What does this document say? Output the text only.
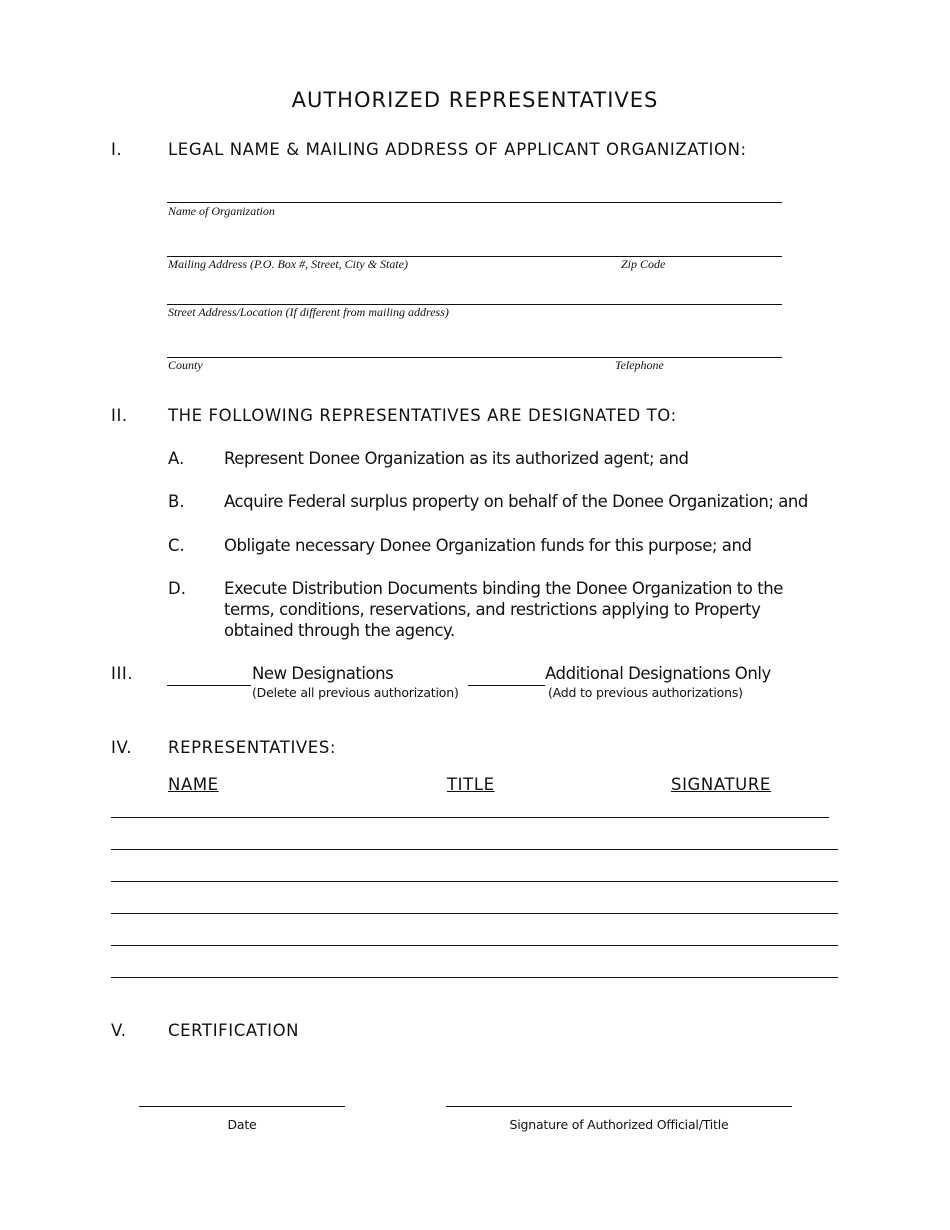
AUTHORIZED REPRESENTATIVES
I.	LEGAL NAME & MAILING ADDRESS OF APPLICANT ORGANIZATION:
Name of Organization
Mailing Address (P.O. Box #, Street, City & State)	Zip Code
Street Address/Location (If different from mailing address)
County	Telephone
II. THE FOLLOWING REPRESENTATIVES ARE DESIGNATED TO:
A. Represent Donee Organization as its authorized agent; and
B. Acquire Federal surplus property on behalf of the Donee Organization; and
C. Obligate necessary Donee Organization funds for this purpose; and
D. Execute Distribution Documents binding the Donee Organization to the terms, conditions, reservations, and restrictions applying to Property obtained through the agency.
III.	New Designations
(Delete all previous authorization)
Additional Designations Only
(Add to previous authorizations)
IV. REPRESENTATIVES:
NAME	TITLE	SIGNATURE
V.	CERTIFICATION
Date	Signature of Authorized Official/Title
